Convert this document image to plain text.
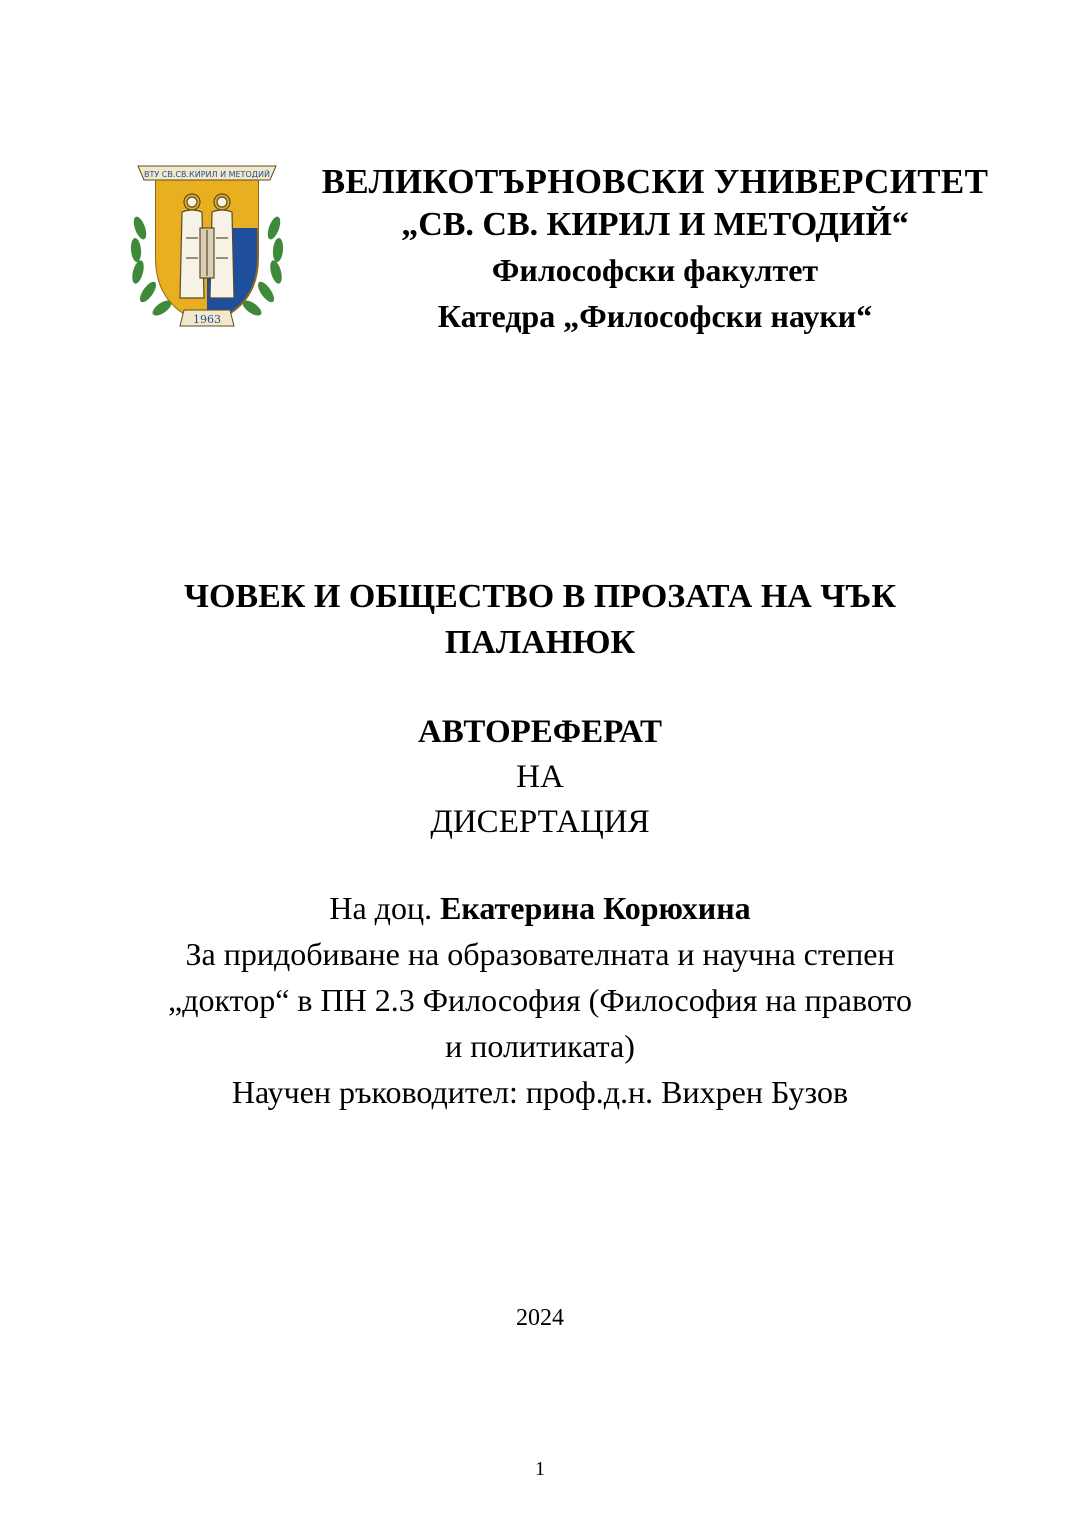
ВТУ СВ.СВ.КИРИЛ И МЕТОДИЙ
1963
ВЕЛИКОТЪРНОВСКИ УНИВЕРСИТЕТ
„СВ. СВ. КИРИЛ И МЕТОДИЙ“
Философски факултет
Катедра „Философски науки“
ЧОВЕК И ОБЩЕСТВО В ПРОЗАТА НА ЧЪК
ПАЛАНЮК
АВТОРЕФЕРАТ
НА
ДИСЕРТАЦИЯ
На доц. Екатерина Корюхина
За придобиване на образователната и научна степен
„доктор“ в ПН 2.3 Философия (Философия на правото
и политиката)
Научен ръководител: проф.д.н. Вихрен Бузов
2024
1
